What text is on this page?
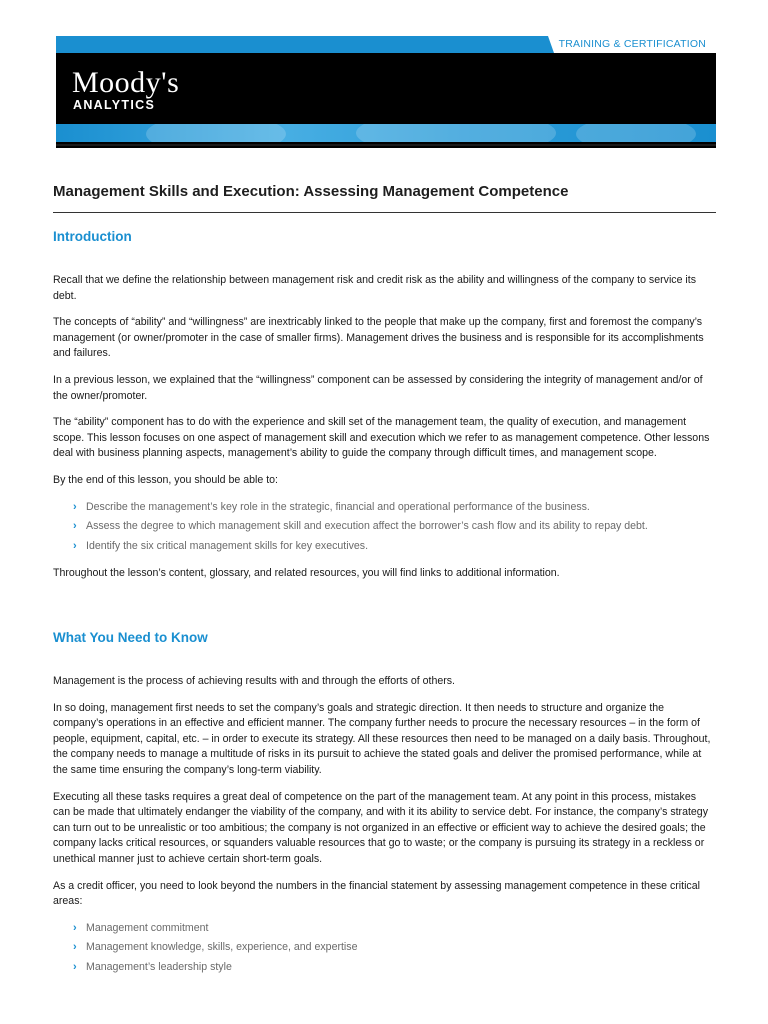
TRAINING & CERTIFICATION
Moody's
ANALYTICS
Management Skills and Execution: Assessing Management Competence
Introduction

Recall that we define the relationship between management risk and credit risk as the ability and willingness of the company to service its debt.

The concepts of “ability” and “willingness” are inextricably linked to the people that make up the company, first and foremost the company’s management (or owner/promoter in the case of smaller firms). Management drives the business and is responsible for its accomplishments and failures.

In a previous lesson, we explained that the “willingness” component can be assessed by considering the integrity of management and/or of the owner/promoter.

The “ability” component has to do with the experience and skill set of the management team, the quality of execution, and management scope. This lesson focuses on one aspect of management skill and execution which we refer to as management competence. Other lessons deal with business planning aspects, management’s ability to guide the company through difficult times, and management scope.

By the end of this lesson, you should be able to:

› Describe the management’s key role in the strategic, financial and operational performance of the business.
› Assess the degree to which management skill and execution affect the borrower’s cash flow and its ability to repay debt.
› Identify the six critical management skills for key executives.

Throughout the lesson’s content, glossary, and related resources, you will find links to additional information.

What You Need to Know

Management is the process of achieving results with and through the efforts of others.

In so doing, management first needs to set the company’s goals and strategic direction. It then needs to structure and organize the company’s operations in an effective and efficient manner. The company further needs to procure the necessary resources – in the form of people, equipment, capital, etc. – in order to execute its strategy. All these resources then need to be managed on a daily basis. Throughout, the company needs to manage a multitude of risks in its pursuit to achieve the stated goals and deliver the promised performance, while at the same time ensuring the company’s long-term viability.

Executing all these tasks requires a great deal of competence on the part of the management team. At any point in this process, mistakes can be made that ultimately endanger the viability of the company, and with it its ability to service debt. For instance, the company’s strategy can turn out to be unrealistic or too ambitious; the company is not organized in an effective or efficient way to achieve the desired goals; the company lacks critical resources, or squanders valuable resources that go to waste; or the company is pursuing its strategy in a reckless or unethical manner just to achieve certain short-term goals.

As a credit officer, you need to look beyond the numbers in the financial statement by assessing management competence in these critical areas:

› Management commitment
› Management knowledge, skills, experience, and expertise
› Management’s leadership style
